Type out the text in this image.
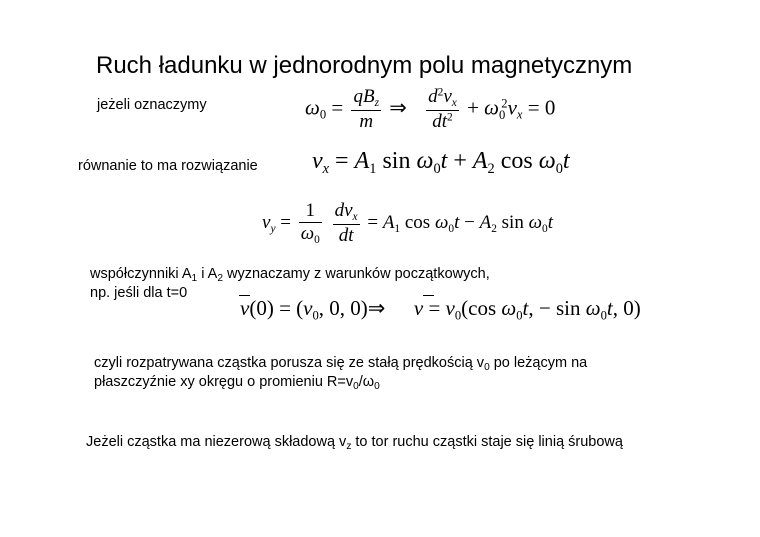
Ruch ładunku w jednorodnym polu magnetycznym
jeżeli oznaczymy	$\omega_0 = \frac{qB_z}{m}$ ⇒ $\frac{d^2v_x}{dt^2} + \omega_0^2v_x = 0$
równanie to ma rozwiązanie $v_x = A_1$ $\sin \omega_0t + A_2$ $\cos \omega_0t$
$v_y = \frac{1}{\omega_0}$
$\frac{dv_x}{dt} = A_1$ $\cos \omega_0t - A_2$ $\sin \omega_0t$
współczynniki $A_1$ i $A_2$ wyznaczamy z warunków początkowych,
np. jeśli dla t=0
$v(0) = (v_0$, 0, 0)⇒  $v = v_0(\cos$ $\omega_0t$, − $\sin \omega_0t$, 0)
czyli rozpatrywana cząstka porusza się ze stałą prędkością $v_0$ po leżącym na
płaszczyźnie xy okręgu o promieniu $R=v_0/\omega_0$
Jeżeli cząstka ma niezerową składową $v_z$ to tor ruchu cząstki staje się linią śrubową
